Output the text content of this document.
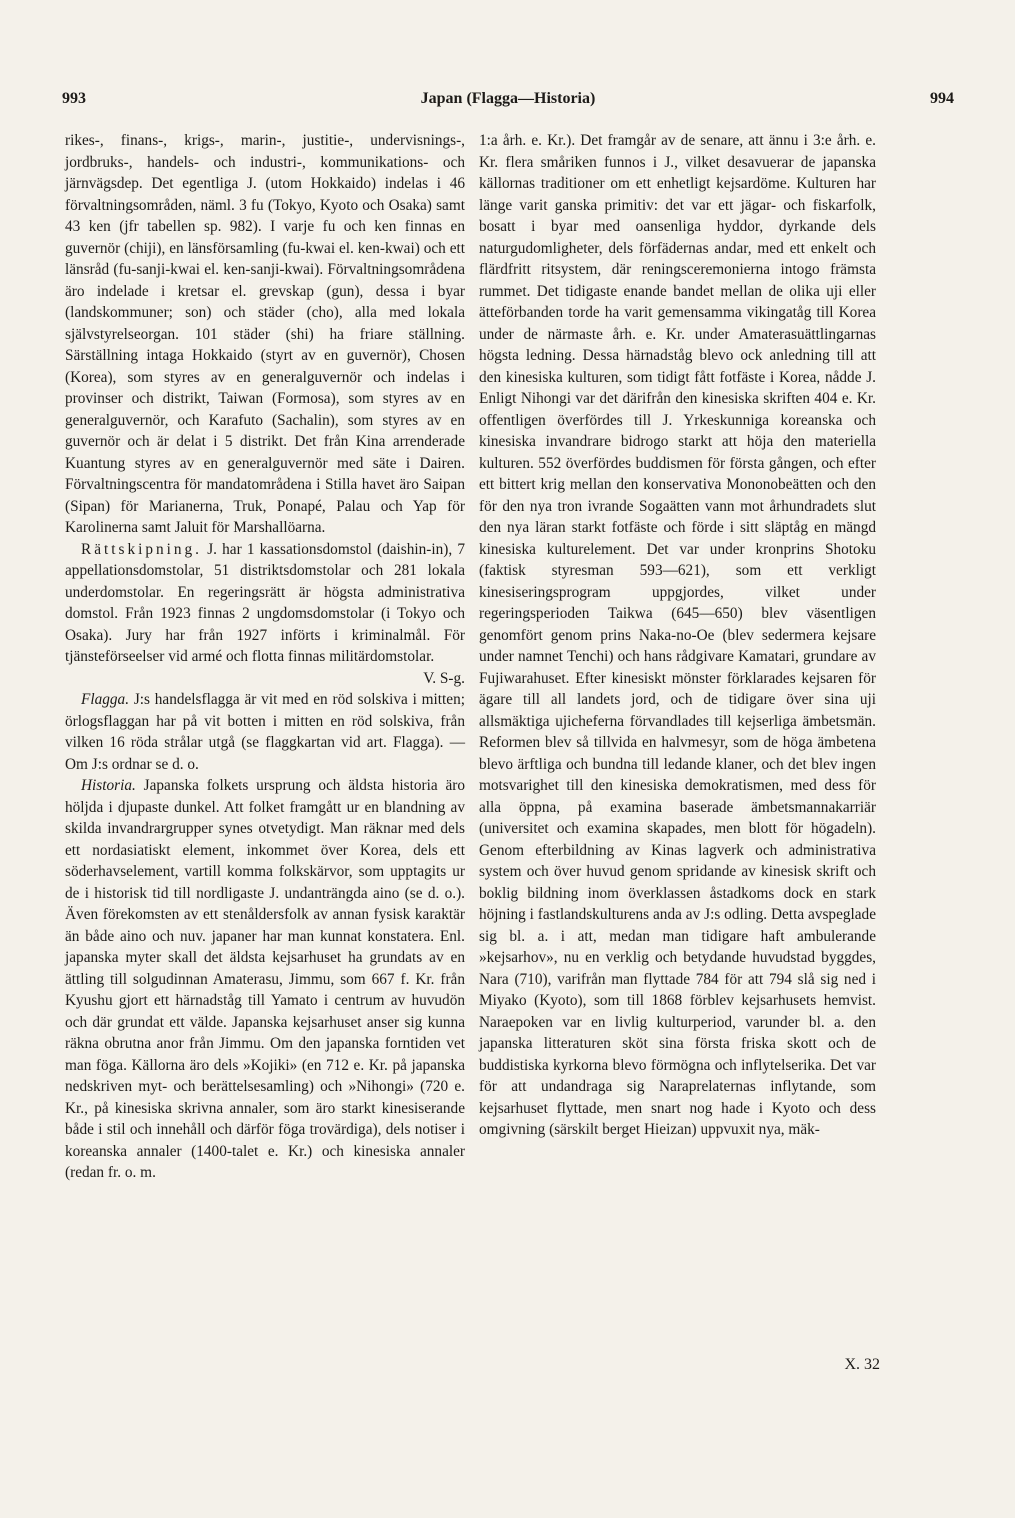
993	Japan (Flagga—Historia)	994

rikes-, finans-, krigs-, marin-, justitie-, undervisnings-, jordbruks-, handels- och industri-, kommunikations- och järnvägsdep. Det egentliga J. (utom Hokkaido) indelas i 46 förvaltningsområden, näml. 3 fu (Tokyo, Kyoto och Osaka) samt 43 ken (jfr tabellen sp. 982). I varje fu och ken finnas en guvernör (chiji), en länsförsamling (fu-kwai el. ken-kwai) och ett länsråd (fu-sanji-kwai el. ken-sanji-kwai). Förvaltningsområdena äro indelade i kretsar el. grevskap (gun), dessa i byar (landskommuner; son) och städer (cho), alla med lokala självstyrelseorgan. 101 städer (shi) ha friare ställning. Särställning intaga Hokkaido (styrt av en guvernör), Chosen (Korea), som styres av en generalguvernör och indelas i provinser och distrikt, Taiwan (Formosa), som styres av en generalguvernör, och Karafuto (Sachalin), som styres av en guvernör och är delat i 5 distrikt. Det från Kina arrenderade Kuantung styres av en generalguvernör med säte i Dairen. Förvaltningscentra för mandatområdena i Stilla havet äro Saipan (Sipan) för Marianerna, Truk, Ponapé, Palau och Yap för Karolinerna samt Jaluit för Marshallöarna.

Rättskipning. J. har 1 kassationsdomstol (daishin-in), 7 appellationsdomstolar, 51 distriktsdomstolar och 281 lokala underdomstolar. En regeringsrätt är högsta administrativa domstol. Från 1923 finnas 2 ungdomsdomstolar (i Tokyo och Osaka). Jury har från 1927 införts i kriminalmål. För tjänsteförseelser vid armé och flotta finnas militärdomstolar.
V. S-g.

Flagga. J:s handelsflagga är vit med en röd solskiva i mitten; örlogsflaggan har på vit botten i mitten en röd solskiva, från vilken 16 röda strålar utgå (se flaggkartan vid art. Flagga). — Om J:s ordnar se d. o.

Historia. Japanska folkets ursprung och äldsta historia äro höljda i djupaste dunkel. Att folket framgått ur en blandning av skilda invandrargrupper synes otvetydigt. Man räknar med dels ett nordasiatiskt element, inkommet över Korea, dels ett söderhavselement, vartill komma folkskärvor, som upptagits ur de i historisk tid till nordligaste J. undanträngda aino (se d. o.). Även förekomsten av ett stenåldersfolk av annan fysisk karaktär än både aino och nuv. japaner har man kunnat konstatera. Enl. japanska myter skall det äldsta kejsarhuset ha grundats av en ättling till solgudinnan Amaterasu, Jimmu, som 667 f. Kr. från Kyushu gjort ett härnadståg till Yamato i centrum av huvudön och där grundat ett välde. Japanska kejsarhuset anser sig kunna räkna obrutna anor från Jimmu. Om den japanska forntiden vet man föga. Källorna äro dels »Kojiki» (en 712 e. Kr. på japanska nedskriven myt- och berättelsesamling) och »Nihongi» (720 e. Kr., på kinesiska skrivna annaler, som äro starkt kinesiserande både i stil och innehåll och därför föga trovärdiga), dels notiser i koreanska annaler (1400-talet e. Kr.) och kinesiska annaler (redan fr. o. m.

1:a årh. e. Kr.). Det framgår av de senare, att ännu i 3:e årh. e. Kr. flera småriken funnos i J., vilket desavuerar de japanska källornas traditioner om ett enhetligt kejsardöme. Kulturen har länge varit ganska primitiv: det var ett jägar- och fiskarfolk, bosatt i byar med oansenliga hyddor, dyrkande dels naturgudomligheter, dels förfädernas andar, med ett enkelt och flärdfritt ritsystem, där reningsceremonierna intogo främsta rummet. Det tidigaste enande bandet mellan de olika uji eller ätteförbanden torde ha varit gemensamma vikingatåg till Korea under de närmaste årh. e. Kr. under Amaterasuättlingarnas högsta ledning. Dessa härnadståg blevo ock anledning till att den kinesiska kulturen, som tidigt fått fotfäste i Korea, nådde J. Enligt Nihongi var det därifrån den kinesiska skriften 404 e. Kr. offentligen överfördes till J. Yrkeskunniga koreanska och kinesiska invandrare bidrogo starkt att höja den materiella kulturen. 552 överfördes buddismen för första gången, och efter ett bittert krig mellan den konservativa Mononobeätten och den för den nya tron ivrande Sogaätten vann mot århundradets slut den nya läran starkt fotfäste och förde i sitt släptåg en mängd kinesiska kulturelement. Det var under kronprins Shotoku (faktisk styresman 593—621), som ett verkligt kinesiseringsprogram uppgjordes, vilket under regeringsperioden Taikwa (645—650) blev väsentligen genomfört genom prins Naka-no-Oe (blev sedermera kejsare under namnet Tenchi) och hans rådgivare Kamatari, grundare av Fujiwarahuset. Efter kinesiskt mönster förklarades kejsaren för ägare till all landets jord, och de tidigare över sina uji allsmäktiga ujicheferna förvandlades till kejserliga ämbetsmän. Reformen blev så tillvida en halvmesyr, som de höga ämbetena blevo ärftliga och bundna till ledande klaner, och det blev ingen motsvarighet till den kinesiska demokratismen, med dess för alla öppna, på examina baserade ämbetsmannakarriär (universitet och examina skapades, men blott för högadeln). Genom efterbildning av Kinas lagverk och administrativa system och över huvud genom spridande av kinesisk skrift och boklig bildning inom överklassen åstadkoms dock en stark höjning i fastlandskulturens anda av J:s odling. Detta avspeglade sig bl. a. i att, medan man tidigare haft ambulerande »kejsarhov», nu en verklig och betydande huvudstad byggdes, Nara (710), varifrån man flyttade 784 för att 794 slå sig ned i Miyako (Kyoto), som till 1868 förblev kejsarhusets hemvist. Naraepoken var en livlig kulturperiod, varunder bl. a. den japanska litteraturen sköt sina första friska skott och de buddistiska kyrkorna blevo förmögna och inflytelserika. Det var för att undandraga sig Naraprelaternas inflytande, som kejsarhuset flyttade, men snart nog hade i Kyoto och dess omgivning (särskilt berget Hieizan) uppvuxit nya, mäk-

X. 32
